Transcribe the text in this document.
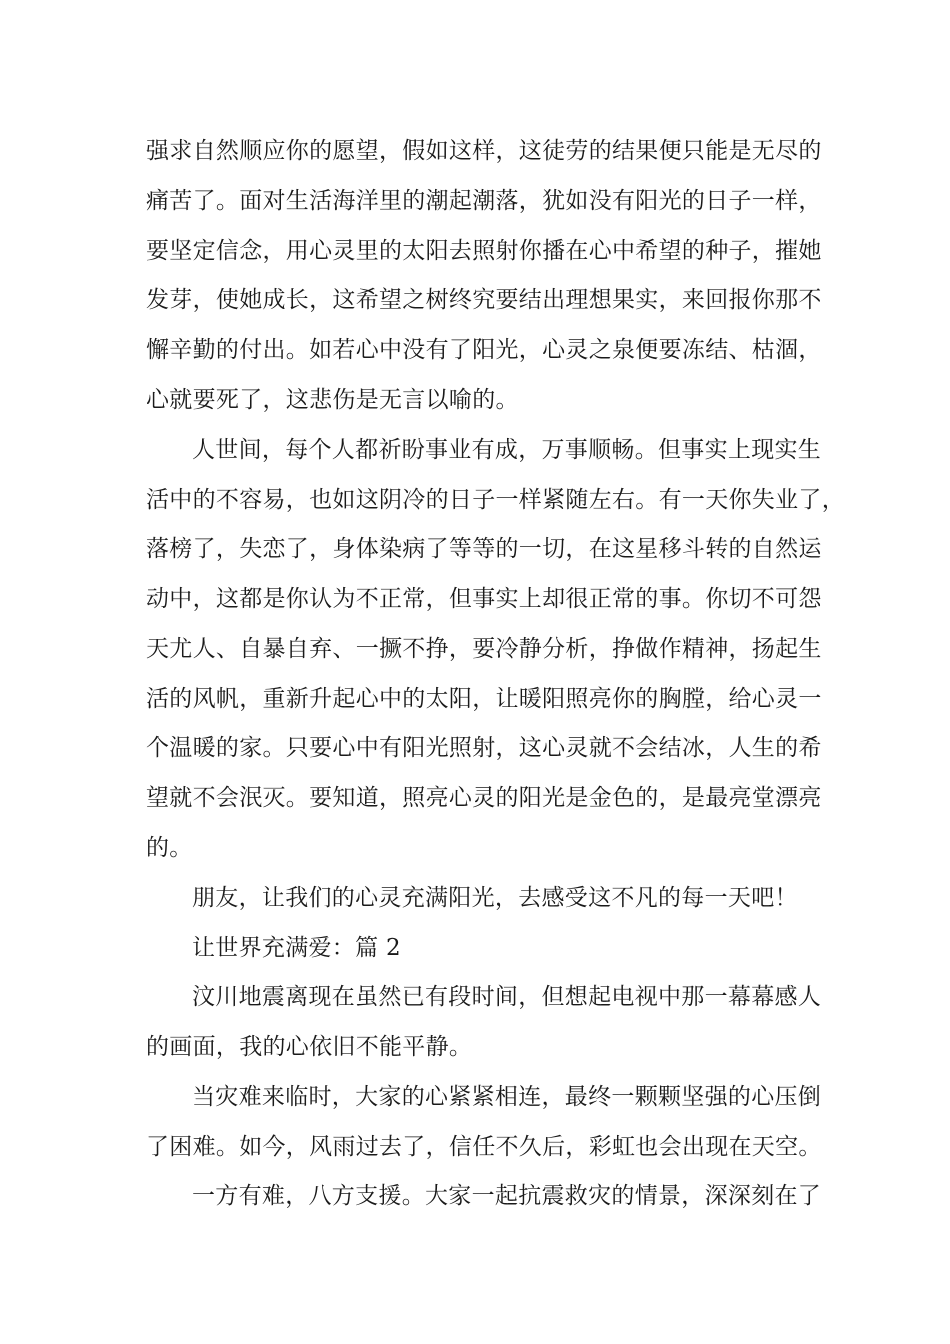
强求自然顺应你的愿望，假如这样，这徒劳的结果便只能是无尽的
痛苦了。面对生活海洋里的潮起潮落，犹如没有阳光的日子一样，
要坚定信念，用心灵里的太阳去照射你播在心中希望的种子，摧她
发芽，使她成长，这希望之树终究要结出理想果实，来回报你那不
懈辛勤的付出。如若心中没有了阳光，心灵之泉便要冻结、枯涸，
心就要死了，这悲伤是无言以喻的。
人世间，每个人都祈盼事业有成，万事顺畅。但事实上现实生
活中的不容易，也如这阴冷的日子一样紧随左右。有一天你失业了，
落榜了，失恋了，身体染病了等等的一切，在这星移斗转的自然运
动中，这都是你认为不正常，但事实上却很正常的事。你切不可怨
天尤人、自暴自弃、一撅不挣，要冷静分析，挣做作精神，扬起生
活的风帆，重新升起心中的太阳，让暖阳照亮你的胸膛，给心灵一
个温暖的家。只要心中有阳光照射，这心灵就不会结冰，人生的希
望就不会泯灭。要知道，照亮心灵的阳光是金色的，是最亮堂漂亮
的。
朋友，让我们的心灵充满阳光，去感受这不凡的每一天吧！
让世界充满爱：篇 2
汶川地震离现在虽然已有段时间，但想起电视中那一幕幕感人
的画面，我的心依旧不能平静。
当灾难来临时，大家的心紧紧相连，最终一颗颗坚强的心压倒
了困难。如今，风雨过去了，信任不久后，彩虹也会出现在天空。
一方有难，八方支援。大家一起抗震救灾的情景，深深刻在了
